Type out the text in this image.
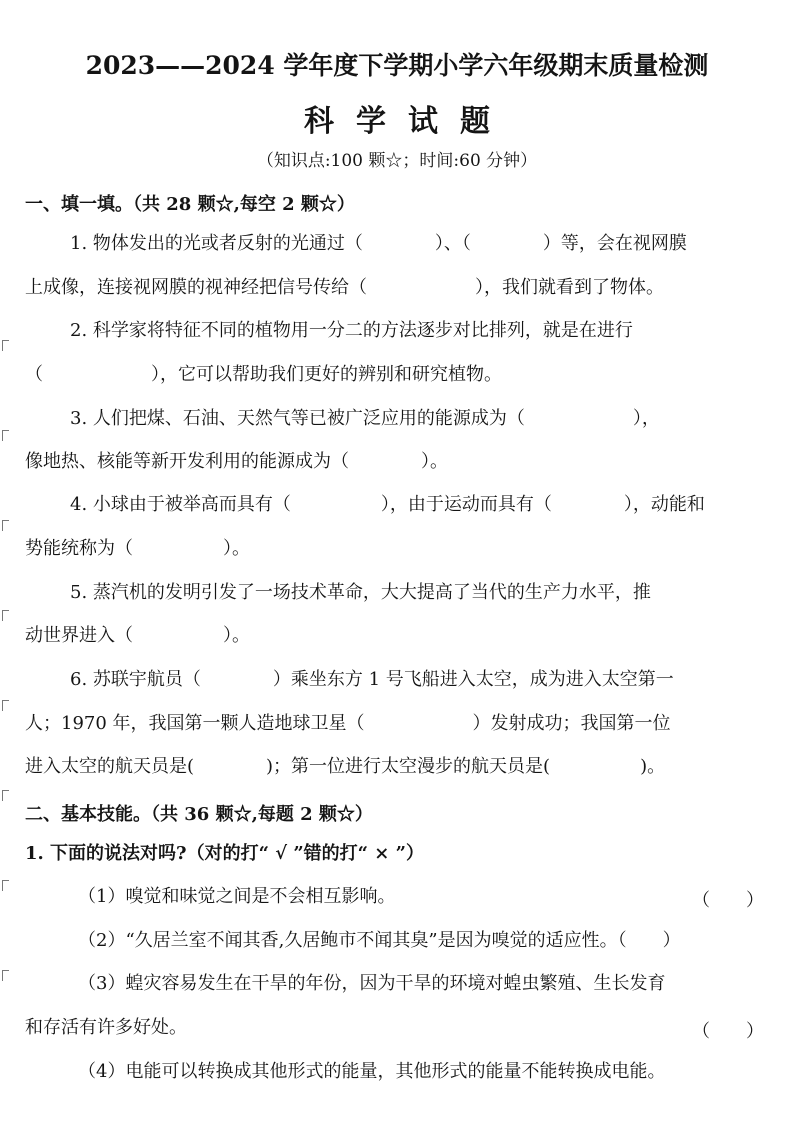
2023——2024 学年度下学期小学六年级期末质量检测
科学试题
（知识点:100 颗☆；时间:60 分钟）
一、填一填。（共 28 颗☆,每空 2 颗☆）
1. 物体发出的光或者反射的光通过（　　　　）、（　　　　）等，会在视网膜
上成像，连接视网膜的视神经把信号传给（　　　　　　），我们就看到了物体。
2. 科学家将特征不同的植物用一分二的方法逐步对比排列，就是在进行
（　　　　　　），它可以帮助我们更好的辨别和研究植物。
3. 人们把煤、石油、天然气等已被广泛应用的能源成为（　　　　　　），
像地热、核能等新开发利用的能源成为（　　　　）。
4. 小球由于被举高而具有（　　　　　），由于运动而具有（　　　　），动能和
势能统称为（　　　　　）。
5. 蒸汽机的发明引发了一场技术革命，大大提高了当代的生产力水平，推
动世界进入（　　　　　）。
6. 苏联宇航员（　　　　）乘坐东方 1 号飞船进入太空，成为进入太空第一
人；1970 年，我国第一颗人造地球卫星（　　　　　　）发射成功；我国第一位
进入太空的航天员是(　　　　)；第一位进行太空漫步的航天员是(　　　　　)。
二、基本技能。（共 36 颗☆,每题 2 颗☆）
1. 下面的说法对吗?（对的打“ √ ”错的打“ × ”）
（1）嗅觉和味觉之间是不会相互影响。	（　　）
（2）“久居兰室不闻其香,久居鲍市不闻其臭”是因为嗅觉的适应性。（　　）
（3）蝗灾容易发生在干旱的年份，因为干旱的环境对蝗虫繁殖、生长发育
和存活有许多好处。	（　　）
（4）电能可以转换成其他形式的能量，其他形式的能量不能转换成电能。
